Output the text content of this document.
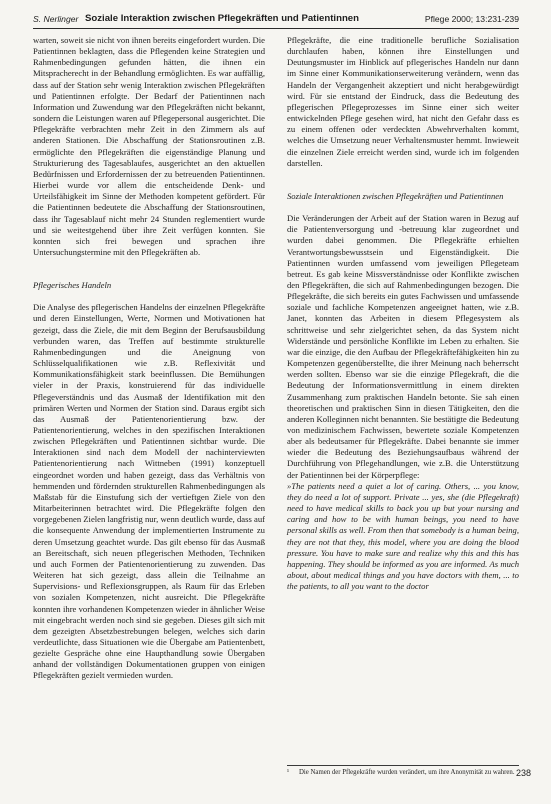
S. Nerlinger Soziale Interaktion zwischen Pflegekräften und Patientinnen	Pflege 2000; 13:231-239

warten, soweit sie nicht von ihnen bereits eingefordert wurden. Die Patientinnen beklagten, dass die Pflegenden keine Strategien und Rahmenbedingungen gefunden hätten, die ihnen ein Mitspracherecht in der Behandlung ermöglichten. Es war auffällig, dass auf der Station sehr wenig Interaktion zwischen Pflegekräften und Patientinnen erfolgte. Der Bedarf der Patientinnen nach Information und Zuwendung war den Pflegekräften nicht bekannt, sondern die Leistungen waren auf Pflegepersonal ausgerichtet. Die Pflegekräfte verbrachten mehr Zeit in den Zimmern als auf anderen Stationen. Die Abschaffung der Stationsroutinen z.B. ermöglichte den Pflegekräften die eigenständige Planung und Strukturierung des Tagesablaufes, ausgerichtet an den aktuellen Bedürfnissen und Erfordernissen der zu betreuenden Patientinnen. Hierbei wurde vor allem die entscheidende Denk- und Urteilsfähigkeit im Sinne der Methoden kompetent gefördert. Für die Patientinnen bedeutete die Abschaffung der Stationsroutinen, dass ihr Tagesablauf nicht mehr 24 Stunden reglementiert wurde und sie weitestgehend über ihre Zeit verfügen konnten. Sie konnten sich frei bewegen und sprachen ihre Untersuchungstermine mit den Pflegekräften ab.

Pflegerisches Handeln

Die Analyse des pflegerischen Handelns der einzelnen Pflegekräfte und deren Einstellungen, Werte, Normen und Motivationen hat gezeigt, dass die Ziele, die mit dem Beginn der Berufsausbildung verbunden waren, das Treffen auf bestimmte strukturelle Rahmenbedingungen und die Aneignung von Schlüsselqualifikationen wie z.B. Reflexivität und Kommunikationsfähigkeit stark beeinflussen. Die Bemühungen vieler in der Praxis, konstruierend für das individuelle Pflegeverständnis und das Ausmaß der Identifikation mit den primären Werten und Normen der Station sind. Daraus ergibt sich das Ausmaß der Patientenorientierung bzw. der Patientenorientierung, welches in den spezifischen Interaktionen zwischen Pflegekräften und Patientinnen sichtbar wurde. Die Interaktionen sind nach dem Modell der nachinterviewten Patientenorientierung nach Wittneben (1991) konzeptuell eingeordnet worden und haben gezeigt, dass das Verhältnis von hemmenden und fördernden strukturellen Rahmenbedingungen als Maßstab für die Einstufung sich der vertieftgen Ziele von den Mitarbeiterinnen betrachtet wird. Die Pflegekräfte folgen den vorgegebenen Zielen langfristig nur, wenn deutlich wurde, dass auf die konsequente Anwendung der implementierten Instrumente zu deren Umsetzung geachtet wurde. Das gilt ebenso für das Ausmaß an Bereitschaft, sich neuen pflegerischen Methoden, Techniken und auch Formen der Patientenorientierung zu zuwenden. Das Weiteren hat sich gezeigt, dass allein die Teilnahme an Supervisions- und Reflexionsgruppen, als Raum für das Erleben von sozialen Kompetenzen, nicht ausreicht. Die Pflegekräfte konnten ihre vorhandenen Kompetenzen wieder in ähnlicher Weise mit eingebracht werden noch sind sie gegeben. Dieses gilt sich mit dem gezeigten Absetzbestrebungen belegen, welches sich darin verdeutlichte, dass Situationen wie die Übergabe am Patientenbett, gezielte Gespräche ohne eine Haupthandlung sowie Übergaben anhand der vollständigen Dokumentationen gruppen von einigen Pflegekräften gezielt vermieden wurden.

Pflegekräfte, die eine traditionelle berufliche Sozialisation durchlaufen haben, können ihre Einstellungen und Deutungsmuster im Hinblick auf pflegerisches Handeln nur dann im Sinne einer Kommunikationserweiterung verändern, wenn das Handeln der Vergangenheit akzeptiert und nicht herabgewürdigt wird. Für sie entstand der Eindruck, dass die Bedeutung des pflegerischen Pflegeprozesses im Sinne einer sich weiter entwickelnden Pflege gesehen wird, hat nicht den Gefahr dass es zu einem offenen oder verdeckten Abwehrverhalten kommt, welches die Umsetzung neuer Verhaltensmuster hemmt. Inwieweit die einzelnen Ziele erreicht werden sind, wurde ich im folgenden darstellen.

Soziale Interaktionen zwischen Pflegekräften und Patientinnen

Die Veränderungen der Arbeit auf der Station waren in Bezug auf die Patientenversorgung und -betreuung klar zugeordnet und wurden dabei genommen. Die Pflegekräfte erhielten Verantwortungsbewusstsein und Eigenständigkeit. Die Patientinnen wurden umfassend vom jeweiligen Pflegeteam betreut. Es gab keine Missverständnisse oder Konflikte zwischen den Pflegekräften, die sich auf Rahmenbedingungen bezogen. Die Pflegekräfte, die sich bereits ein gutes Fachwissen und umfassende soziale und fachliche Kompetenzen angeeignet hatten, wie z.B. Janet, konnten das Arbeiten in diesem Pflegesystem als schrittweise und sehr zielgerichtet sehen, da das System nicht Widerstände und persönliche Konflikte im Leben zu erhalten. Sie war die einzige, die den Aufbau der Pflegekräftefähigkeiten hin zu Kompetenzen gegenüberstellte, die ihrer Meinung nach beherrscht werden sollten. Ebenso war sie die einzige Pflegekraft, die die Bedeutung der Informationsvermittlung in einem direkten Zusammenhang zum praktischen Handeln betonte. Sie sah einen theoretischen und praktischen Sinn in diesen Tätigkeiten, den die anderen Kolleginnen nicht benannten. Sie bestätigte die Bedeutung von medizinischem Fachwissen, bewertete soziale Kompetenzen aber als bedeutsamer für Pflegekräfte. Dabei benannte sie immer wieder die Bedeutung des Beziehungsaufbaus während der Durchführung von Pflegehandlungen, wie z.B. die Unterstützung der Patientinnen bei der Körperpflege:

»The patients need a quiet a lot of caring. Others, ... you know, they do need a lot of support. Private ... yes, she (die Pflegekraft) need to have medical skills to back you up but your nursing and caring and how to be with human beings, you need to have personal skills as well. From then that somebody is a human being, they are not that they, this model, where you are doing the blood pressure. You have to make sure and realize why this and this has happening. They should be informed as you are informed. As much about, about medical things and you have doctors with them, ... to the patients, to all you want to the doctor

¹	Die Namen der Pflegekräfte wurden verändert, um ihre Anonymität zu wahren. 238
